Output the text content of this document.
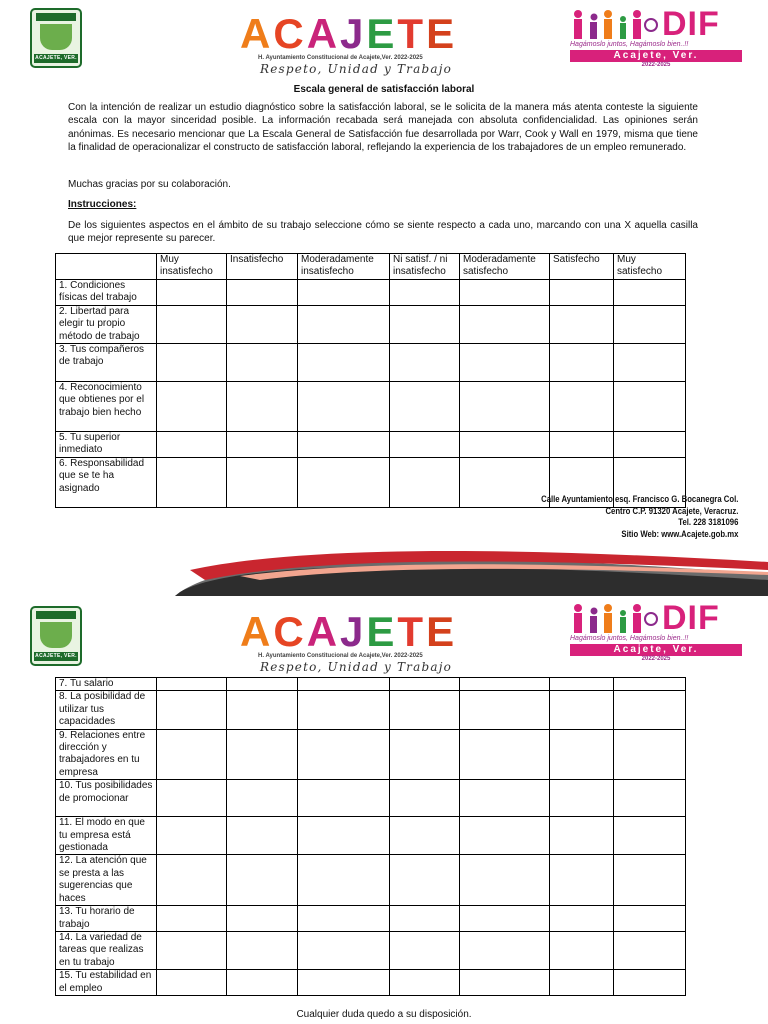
ACAJETE, VER.
ACAJETE
H. Ayuntamiento Constitucional de Acajete,Ver. 2022-2025
Respeto, Unidad y Trabajo
DIF
Hagámoslo juntos, Hagámoslo bien..!!
Acajete, Ver.
2022-2025
Escala general de satisfacción laboral

Con la intención de realizar un estudio diagnóstico sobre la satisfacción laboral, se le solicita de la manera más atenta conteste la siguiente escala con la mayor sinceridad posible. La información recabada será manejada con absoluta confidencialidad. Las opiniones serán anónimas. Es necesario mencionar que La Escala General de Satisfacción fue desarrollada por Warr, Cook y Wall en 1979, misma que tiene la finalidad de operacionalizar el constructo de satisfacción laboral, reflejando la experiencia de los trabajadores de un empleo remunerado.

Muchas gracias por su colaboración.

Instrucciones:

De los siguientes aspectos en el ámbito de su trabajo seleccione cómo se siente respecto a cada uno, marcando con una X aquella casilla que mejor represente su parecer.

	Muy insatisfecho	Insatisfecho	Moderadamente insatisfecho	Ni satisf. / ni insatisfecho	Moderadamente satisfecho	Satisfecho	Muy satisfecho
1. Condiciones físicas del trabajo							
2. Libertad para elegir tu propio método de trabajo							
3. Tus compañeros de trabajo							
4. Reconocimiento que obtienes por el trabajo bien hecho							
5. Tu superior inmediato							
6. Responsabilidad que se te ha asignado							
Calle Ayuntamiento esq. Francisco G. Bocanegra Col.
Centro C.P. 91320 Acajete, Veracruz.
Tel. 228 3181096
Sitio Web: www.Acajete.gob.mx
ACAJETE, VER.
ACAJETE
H. Ayuntamiento Constitucional de Acajete,Ver. 2022-2025
Respeto, Unidad y Trabajo
DIF
Hagámoslo juntos, Hagámoslo bien..!!
Acajete, Ver.
2022-2025
7. Tu salario							
8. La posibilidad de utilizar tus capacidades							
9. Relaciones entre dirección y trabajadores en tu empresa							
10. Tus posibilidades de promocionar							
11. El modo en que tu empresa está gestionada							
12. La atención que se presta a las sugerencias que haces							
13. Tu horario de trabajo							
14. La variedad de tareas que realizas en tu trabajo							
15. Tu estabilidad en el empleo							
Cualquier duda quedo a su disposición.
